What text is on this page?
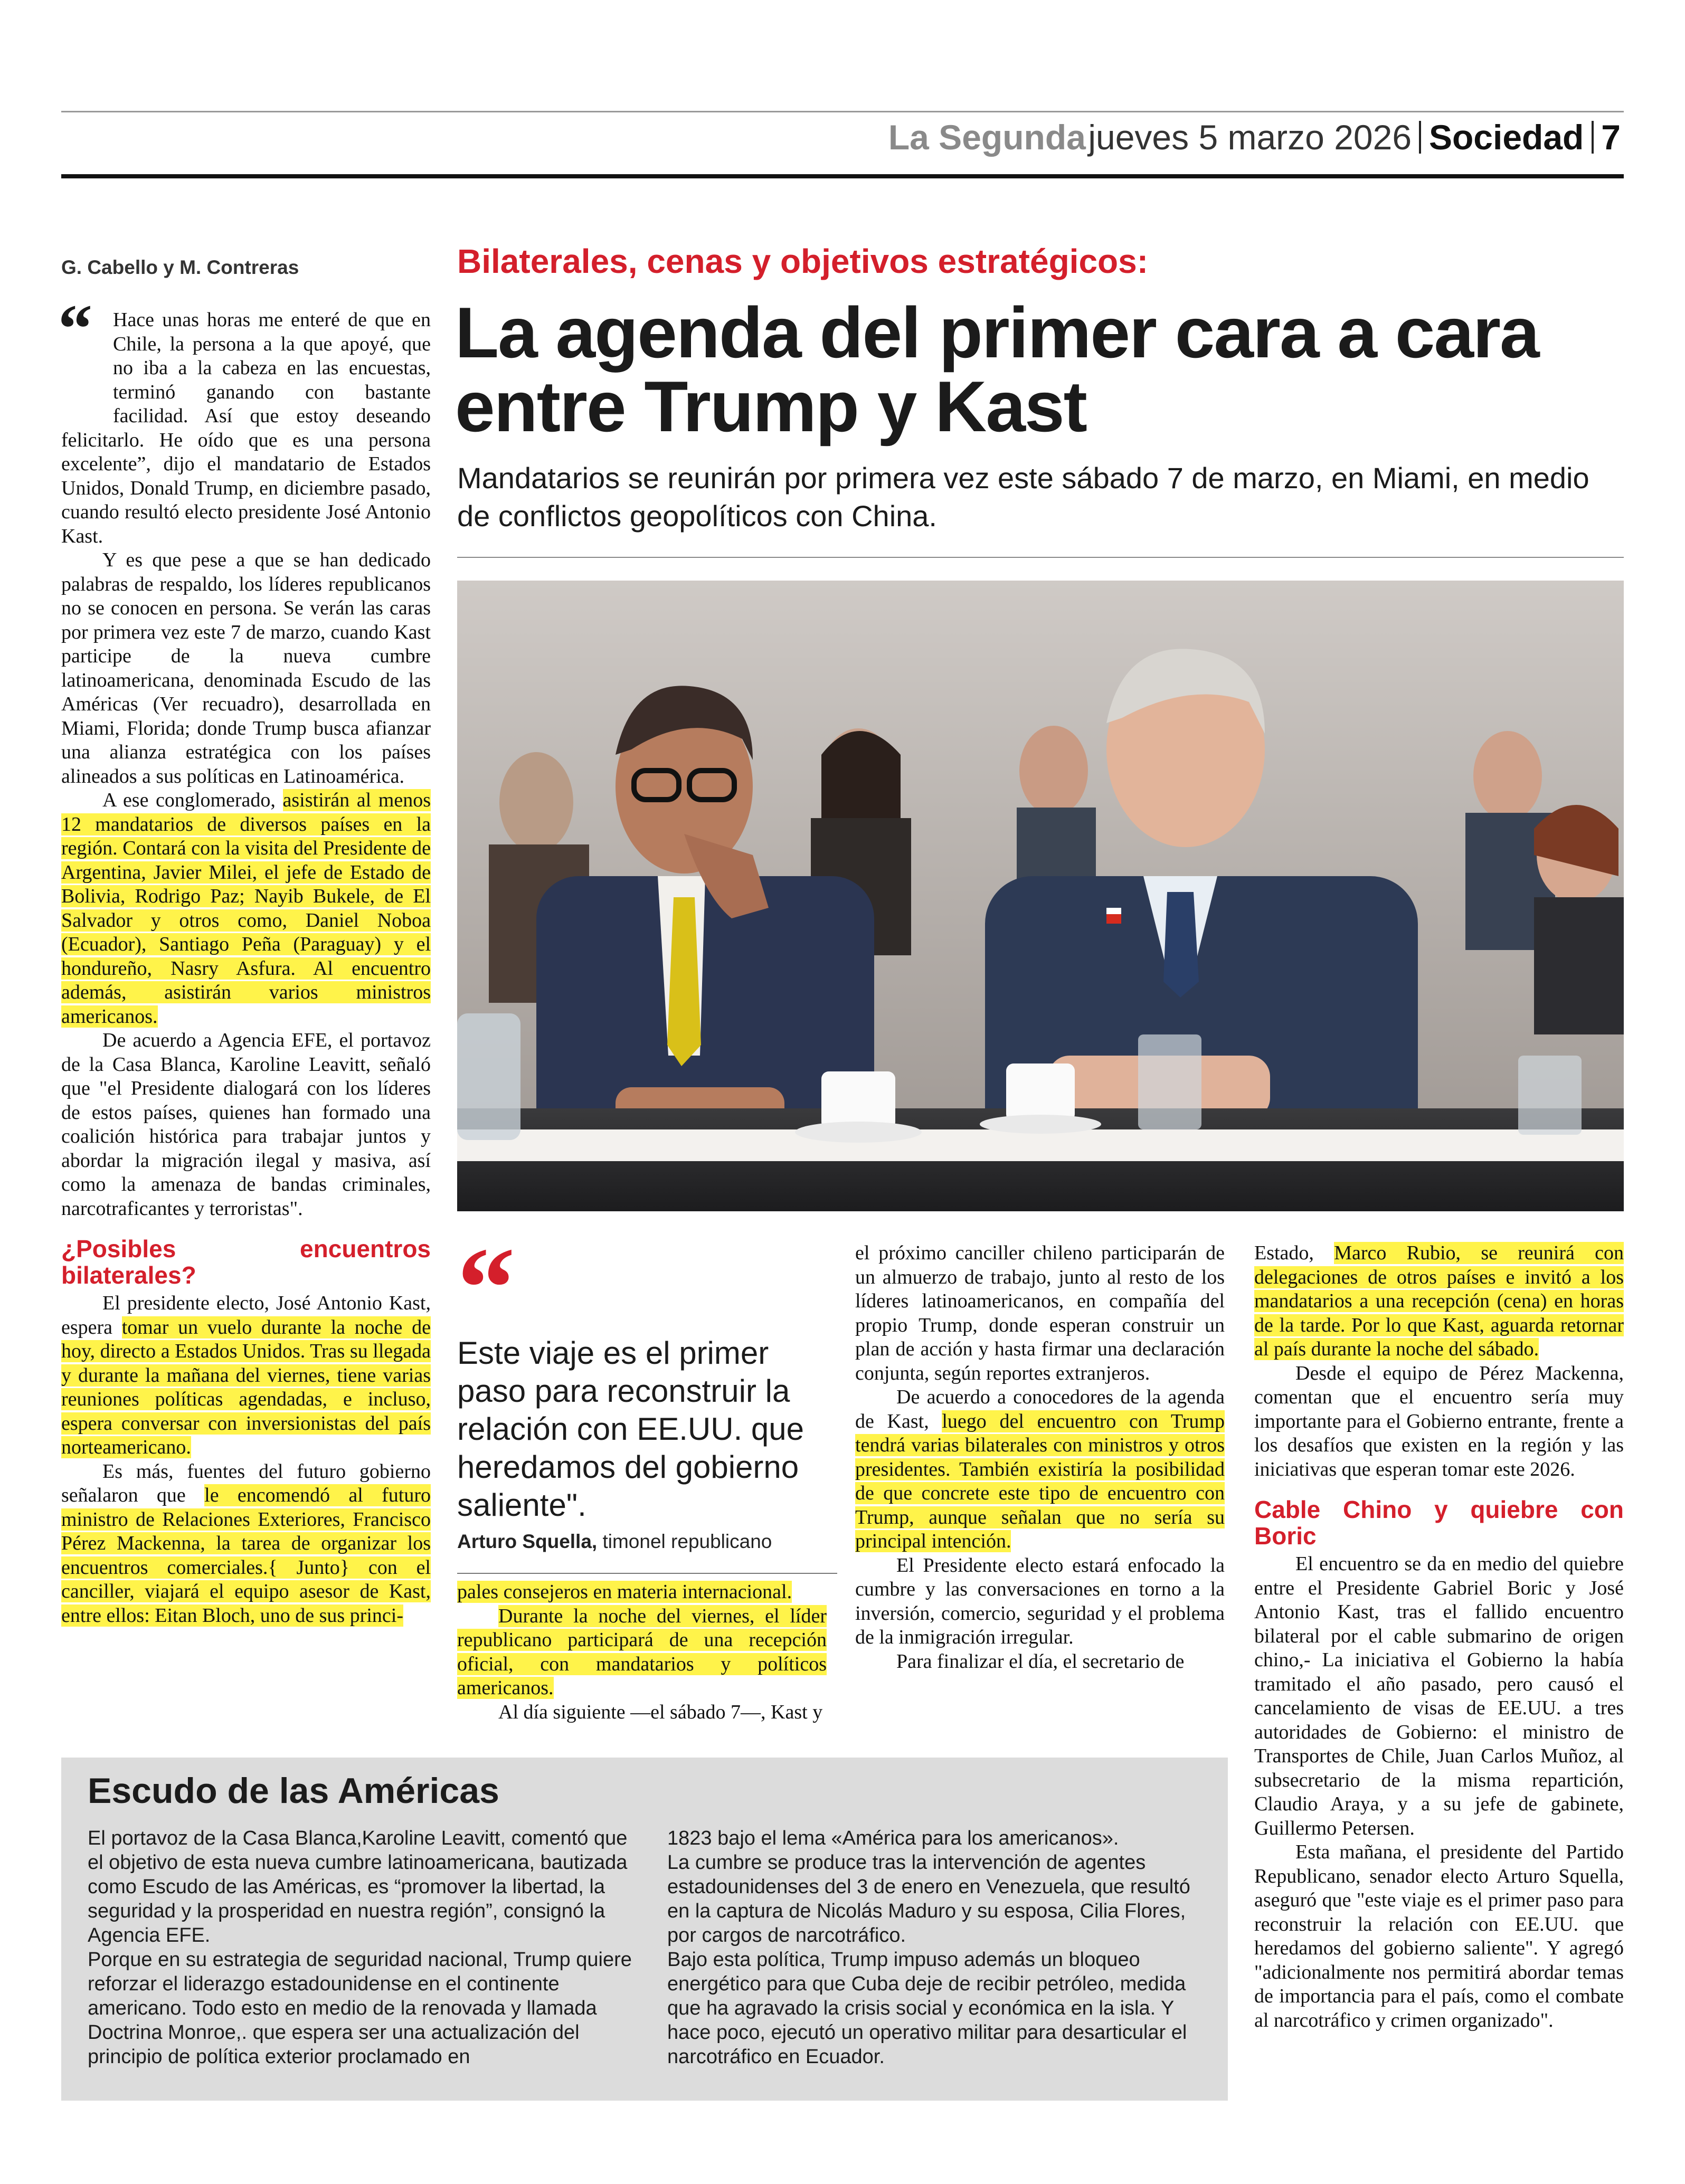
La Segunda jueves 5 marzo 2026 Sociedad 7
G. Cabello y M. Contreras	Bilaterales, cenas y objetivos estratégicos:
La agenda del primer cara a cara entre Trump y Kast
Mandatarios se reunirán por primera vez este sábado 7 de marzo, en Miami, en medio de conflictos geopolíticos con China.
“	Hace unas horas me enteré de que en Chile, la persona a la que apoyé, que no iba a la cabeza en las encuestas, terminó ganando con bastante facilidad. Así que estoy deseando felicitarlo. He oído que es una persona excelente”, dijo el mandatario de Estados Unidos, Donald Trump, en diciembre pasado, cuando resultó electo presidente José Antonio Kast.

Y es que pese a que se han dedicado palabras de respaldo, los líderes republicanos no se conocen en persona. Se verán las caras por primera vez este 7 de marzo, cuando Kast participe de la nueva cumbre latinoamericana, denominada Escudo de las Américas (Ver recuadro), desarrollada en Miami, Florida; donde Trump busca afianzar una alianza estratégica con los países alineados a sus políticas en Latinoamérica.

A ese conglomerado, asistirán al menos 12 mandatarios de diversos países en la región. Contará con la visita del Presidente de Argentina, Javier Milei, el jefe de Estado de Bolivia, Rodrigo Paz; Nayib Bukele, de El Salvador y otros como, Daniel Noboa (Ecuador), Santiago Peña (Paraguay) y el hondureño, Nasry Asfura. Al encuentro además, asistirán varios ministros americanos.

De acuerdo a Agencia EFE, el portavoz de la Casa Blanca, Karoline Leavitt, señaló que "el Presidente dialogará con los líderes de estos países, quienes han formado una coalición histórica para trabajar juntos y abordar la migración ilegal y masiva, así como la amenaza de bandas criminales, narcotraficantes y terroristas".

¿Posibles encuentros bilaterales?

El presidente electo, José Antonio Kast, espera tomar un vuelo durante la noche de hoy, directo a Estados Unidos. Tras su llegada y durante la mañana del viernes, tiene varias reuniones políticas agendadas, e incluso, espera conversar con inversionistas del país norteamericano.

Es más, fuentes del futuro gobierno señalaron que le encomendó al futuro ministro de Relaciones Exteriores, Francisco Pérez Mackenna, la tarea de organizar los encuentros comerciales.{ Junto} con el canciller, viajará el equipo asesor de Kast, entre ellos: Eitan Bloch, uno de sus princi-

“
Este viaje es el primer paso para reconstruir la relación con EE.UU. que heredamos del gobierno saliente".
Arturo Squella, timonel republicano

pales consejeros en materia internacional.

Durante la noche del viernes, el líder republicano participará de una recepción oficial, con mandatarios y políticos americanos.

Al día siguiente —el sábado 7—, Kast y

el próximo canciller chileno participarán de un almuerzo de trabajo, junto al resto de los líderes latinoamericanos, en compañía del propio Trump, donde esperan construir un plan de acción y hasta firmar una declaración conjunta, según reportes extranjeros.

De acuerdo a conocedores de la agenda de Kast, luego del encuentro con Trump tendrá varias bilaterales con ministros y otros presidentes. También existiría la posibilidad de que concrete este tipo de encuentro con Trump, aunque señalan que no sería su principal intención.

El Presidente electo estará enfocado la cumbre y las conversaciones en torno a la inversión, comercio, seguridad y el problema de la inmigración irregular.

Para finalizar el día, el secretario de

Estado, Marco Rubio, se reunirá con delegaciones de otros países e invitó a los mandatarios a una recepción (cena) en horas de la tarde. Por lo que Kast, aguarda retornar al país durante la noche del sábado.

Desde el equipo de Pérez Mackenna, comentan que el encuentro sería muy importante para el Gobierno entrante, frente a los desafíos que existen en la región y las iniciativas que esperan tomar este 2026.

Cable Chino y quiebre con Boric

El encuentro se da en medio del quiebre entre el Presidente Gabriel Boric y José Antonio Kast, tras el fallido encuentro bilateral por el cable submarino de origen chino,- La iniciativa el Gobierno la había tramitado el año pasado, pero causó el cancelamiento de visas de EE.UU. a tres autoridades de Gobierno: el ministro de Transportes de Chile, Juan Carlos Muñoz, al subsecretario de la misma repartición, Claudio Araya, y a su jefe de gabinete, Guillermo Petersen.

Esta mañana, el presidente del Partido Republicano, senador electo Arturo Squella, aseguró que "este viaje es el primer paso para reconstruir la relación con EE.UU. que heredamos del gobierno saliente". Y agregó "adicionalmente nos permitirá abordar temas de importancia para el país, como el combate al narcotráfico y crimen organizado".

Escudo de las Américas
El portavoz de la Casa Blanca,Karoline Leavitt, comentó que el objetivo de esta nueva cumbre latinoamericana, bautizada como Escudo de las Américas, es “promover la libertad, la seguridad y la prosperidad en nuestra región”, consignó la Agencia EFE.
Porque en su estrategia de seguridad nacional, Trump quiere reforzar el liderazgo estadounidense en el continente americano. Todo esto en medio de la renovada y llamada Doctrina Monroe,. que espera ser una actualización del principio de política exterior proclamado en
1823 bajo el lema «América para los americanos».
La cumbre se produce tras la intervención de agentes estadounidenses del 3 de enero en Venezuela, que resultó en la captura de Nicolás Maduro y su esposa, Cilia Flores, por cargos de narcotráfico.
Bajo esta política, Trump impuso además un bloqueo energético para que Cuba deje de recibir petróleo, medida que ha agravado la crisis social y económica en la isla. Y hace poco, ejecutó un operativo militar para desarticular el narcotráfico en Ecuador.
